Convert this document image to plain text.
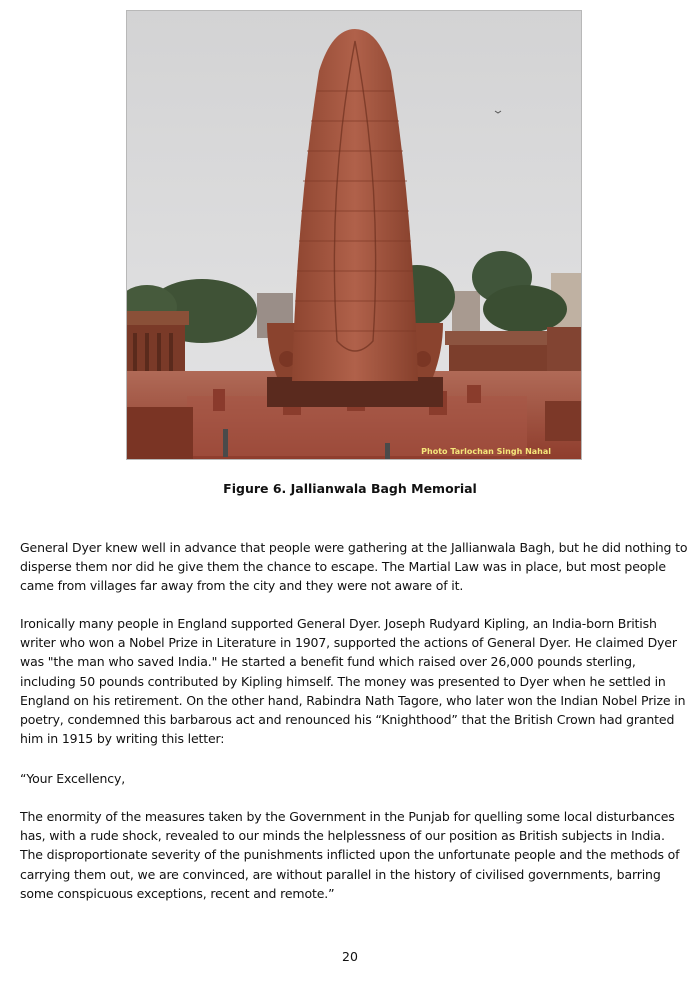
Photo Tarlochan Singh Nahal
Figure 6. Jallianwala Bagh Memorial

General Dyer knew well in advance that people were gathering at the Jallianwala Bagh, but he did nothing to disperse them nor did he give them the chance to escape. The Martial Law was in place, but most people came from villages far away from the city and they were not aware of it.

Ironically many people in England supported General Dyer. Joseph Rudyard Kipling, an India-born British writer who won a Nobel Prize in Literature in 1907, supported the actions of General Dyer. He claimed Dyer was "the man who saved India." He started a benefit fund which raised over 26,000 pounds sterling, including 50 pounds contributed by Kipling himself. The money was presented to Dyer when he settled in England on his retirement. On the other hand, Rabindra Nath Tagore, who later won the Indian Nobel Prize in poetry, condemned this barbarous act and renounced his “Knighthood” that the British Crown had granted him in 1915 by writing this letter:

“Your Excellency,

The enormity of the measures taken by the Government in the Punjab for quelling some local disturbances has, with a rude shock, revealed to our minds the helplessness of our position as British subjects in India. The disproportionate severity of the punishments inflicted upon the unfortunate people and the methods of carrying them out, we are convinced, are without parallel in the history of civilised governments, barring some conspicuous exceptions, recent and remote.”

20
